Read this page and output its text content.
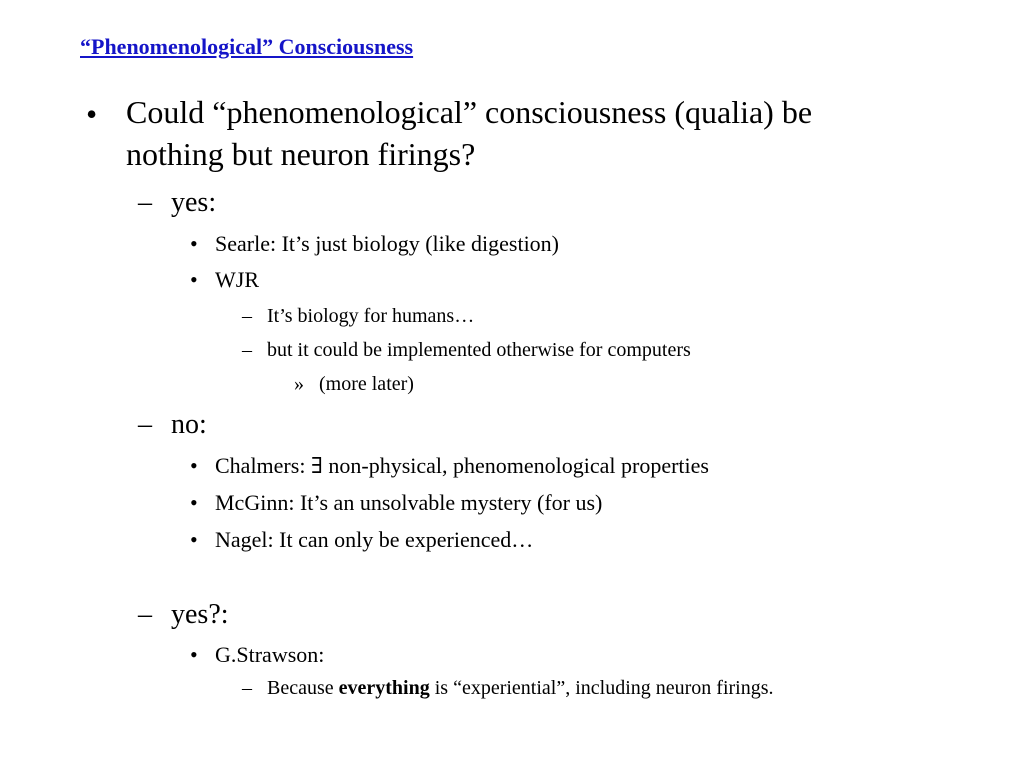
“Phenomenological” Consciousness
• Could “phenomenological” consciousness (qualia) be
nothing but neuron firings?
– yes:
• Searle: It’s just biology (like digestion)
• WJR
– It’s biology for humans…
– but it could be implemented otherwise for computers
» (more later)
– no:
• Chalmers: ∃ non-physical, phenomenological properties
• McGinn: It’s an unsolvable mystery (for us)
• Nagel: It can only be experienced…
– yes?:
• G.Strawson:
– Because everything is “experiential”, including neuron firings.
